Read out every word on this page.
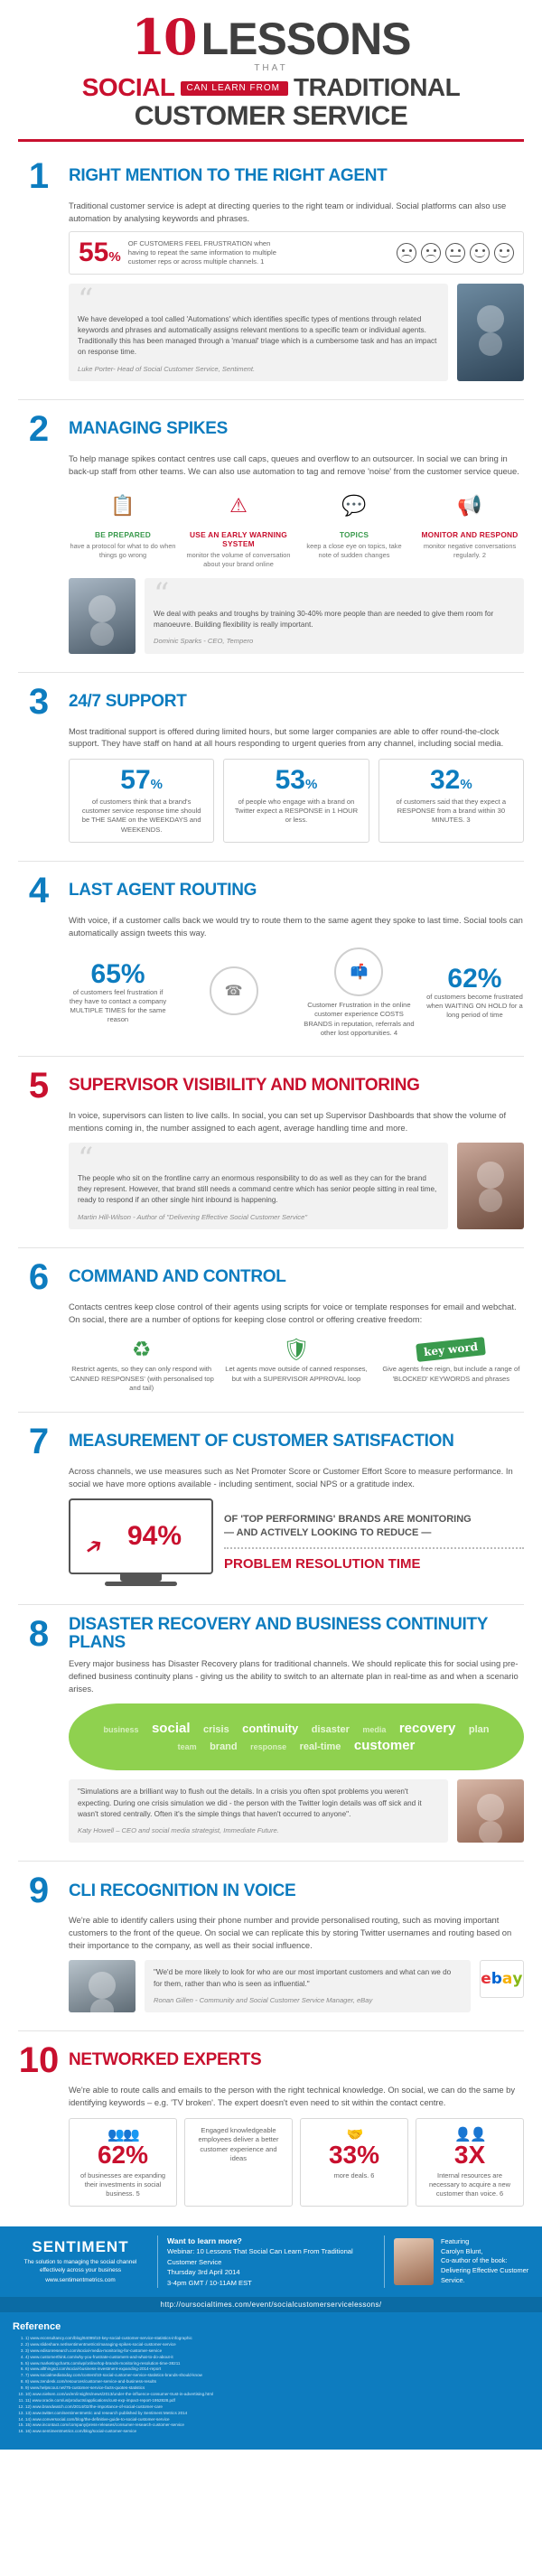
10 LESSONS
THAT
SOCIAL CAN LEARN FROM TRADITIONAL
CUSTOMER SERVICE
1	RIGHT MENTION TO THE RIGHT AGENT
Traditional customer service is adept at directing queries to the right team or individual. Social platforms can also use automation by analysing keywords and phrases.
55%
OF CUSTOMERS FEEL FRUSTRATION when having to repeat the same information to multiple customer reps or across multiple channels. 1
“
We have developed a tool called 'Automations' which identifies specific types of mentions through related keywords and phrases and automatically assigns relevant mentions to a specific team or individual agents. Traditionally this has been managed through a 'manual' triage which is a cumbersome task and has an impact on response time.
Luke Porter- Head of Social Customer Service, Sentiment.
2	MANAGING SPIKES
To help manage spikes contact centres use call caps, queues and overflow to an outsourcer. In social we can bring in back-up staff from other teams. We can also use automation to tag and remove 'noise' from the customer service queue.
📋
BE PREPARED
have a protocol for what to do when things go wrong
⚠
USE AN EARLY WARNING SYSTEM
monitor the volume of conversation about your brand online
💬
TOPICS
keep a close eye on topics, take note of sudden changes
📢
MONITOR AND RESPOND
monitor negative conversations regularly. 2
“
We deal with peaks and troughs by training 30-40% more people than are needed to give them room for manoeuvre. Building flexibility is really important.
Dominic Sparks - CEO, Tempero
3	24/7 SUPPORT
Most traditional support is offered during limited hours, but some larger companies are able to offer round-the-clock support. They have staff on hand at all hours responding to urgent queries from any channel, including social media.
57%
of customers think that a brand's customer service response time should be THE SAME on the WEEKDAYS and WEEKENDS.
53%
of people who engage with a brand on Twitter expect a RESPONSE in 1 HOUR or less.
32%
of customers said that they expect a RESPONSE from a brand within 30 MINUTES. 3
4	LAST AGENT ROUTING
With voice, if a customer calls back we would try to route them to the same agent they spoke to last time. Social tools can automatically assign tweets this way.
65%
of customers feel frustration if they have to contact a company MULTIPLE TIMES for the same reason
☎
📫
Customer Frustration in the online customer experience COSTS BRANDS in reputation, referrals and other lost opportunities. 4
62%
of customers become frustrated when WAITING ON HOLD for a long period of time
5	SUPERVISOR VISIBILITY AND MONITORING
In voice, supervisors can listen to live calls. In social, you can set up Supervisor Dashboards that show the volume of mentions coming in, the number assigned to each agent, average handling time and more.
“
The people who sit on the frontline carry an enormous responsibility to do as well as they can for the brand they represent. However, that brand still needs a command centre which has senior people sitting in real time, ready to respond if an other single hint inbound is happening.
Martin Hill-Wilson - Author of "Delivering Effective Social Customer Service"
6	COMMAND AND CONTROL
Contacts centres keep close control of their agents using scripts for voice or template responses for email and webchat. On social, there are a number of options for keeping close control or offering creative freedom:
♻
Restrict agents, so they can only respond with 'CANNED RESPONSES' (with personalised top and tail)
🛡
Let agents move outside of canned responses, but with a SUPERVISOR APPROVAL loop
key word
Give agents free reign, but include a range of 'BLOCKED' KEYWORDS and phrases
7	MEASUREMENT OF CUSTOMER SATISFACTION
Across channels, we use measures such as Net Promoter Score or Customer Effort Score to measure performance. In social we have more options available - including sentiment, social NPS or a gratitude index.
➔ 94%
OF 'TOP PERFORMING' BRANDS ARE MONITORING
— AND ACTIVELY LOOKING TO REDUCE —
PROBLEM RESOLUTION TIME
8	DISASTER RECOVERY AND BUSINESS CONTINUITY PLANS
Every major business has Disaster Recovery plans for traditional channels. We should replicate this for social using pre-defined business continuity plans - giving us the ability to switch to an alternate plan in real-time as and when a scenario arises.
business social crisis continuity disaster media recovery plan team brand response real-time customer
"Simulations are a brilliant way to flush out the details. In a crisis you often spot problems you weren't expecting. During one crisis simulation we did - the person with the Twitter login details was off sick and it wasn't stored centrally. Often it's the simple things that haven't occurred to anyone".
Katy Howell – CEO and social media strategist, Immediate Future.
9	CLI RECOGNITION IN VOICE
We're able to identify callers using their phone number and provide personalised routing, such as moving important customers to the front of the queue. On social we can replicate this by storing Twitter usernames and routing based on their importance to the company, as well as their social influence.
"We'd be more likely to look for who are our most important customers and what can we do for them, rather than who is seen as influential."
Ronan Gillen - Community and Social Customer Service Manager, eBay
e b a y
10 NETWORKED EXPERTS
We're able to route calls and emails to the person with the right technical knowledge. On social, we can do the same by identifying keywords – e.g. 'TV broken'. The expert doesn't even need to sit within the contact centre.
👥👥
62%
of businesses are expanding their investments in social business. 5
Engaged knowledgeable employees deliver a better customer experience and ideas
🤝
33%
more deals. 6
👤👤
3X
Internal resources are necessary to acquire a new customer than voice. 6
SENTIMENT
The solution to managing the social channel effectively across your business
www.sentimentmetrics.com
Want to learn more?
Webinar: 10 Lessons That Social Can Learn From Traditional Customer Service
Thursday 3rd April 2014
3-4pm GMT / 10-11AM EST
Featuring
Carolyn Blunt,
Co-author of the book: Delivering Effective Customer Service.
http://oursocialtimes.com/event/socialcustomerservicelessons/
Reference
1. 1) www.econsultancy.com/blog/64099/10-key-social-customer-service-statistics-infographic
2. 2) www.slideshare.net/sentimentmetrics/managing-spikes-social-customer-service
3. 3) www.edisonresearch.com/social-media-monitoring-for-customer-service
4. 4) www.customerthink.com/why-you-frustrate-customers-and-what-to-do-about-it
5. 5) www.marketingcharts.com/wp/online/top-brands-monitoring-resolution-time-38211
6. 6) www.allthingsd.com/social-business-investment-expanding-2014-report
7. 7) www.socialmediatoday.com/content/10-social-customer-service-statistics-brands-should-know
8. 8) www.zendesk.com/resources/customer-service-and-business-results
9. 9) www.helpscout.net/75-customer-service-facts-quotes-statistics
10. 10) www.nielsen.com/us/en/insights/news/2013/under-the-influence-consumer-trust-in-advertising.html
11. 11) www.oracle.com/us/products/applications/cust-exp-impact-report-1952828.pdf
12. 12) www.brandwatch.com/2014/02/the-importance-of-social-customer-care
13. 13) www.twitter.com/sentimentmetric and research published by Sentiment Metrics 2014
14. 14) www.conversocial.com/blog/the-definitive-guide-to-social-customer-service
15. 15) www.incontact.com/company/press-releases/consumer-research-customer-service
16. 16) www.sentimentmetrics.com/blog/social-customer-service
